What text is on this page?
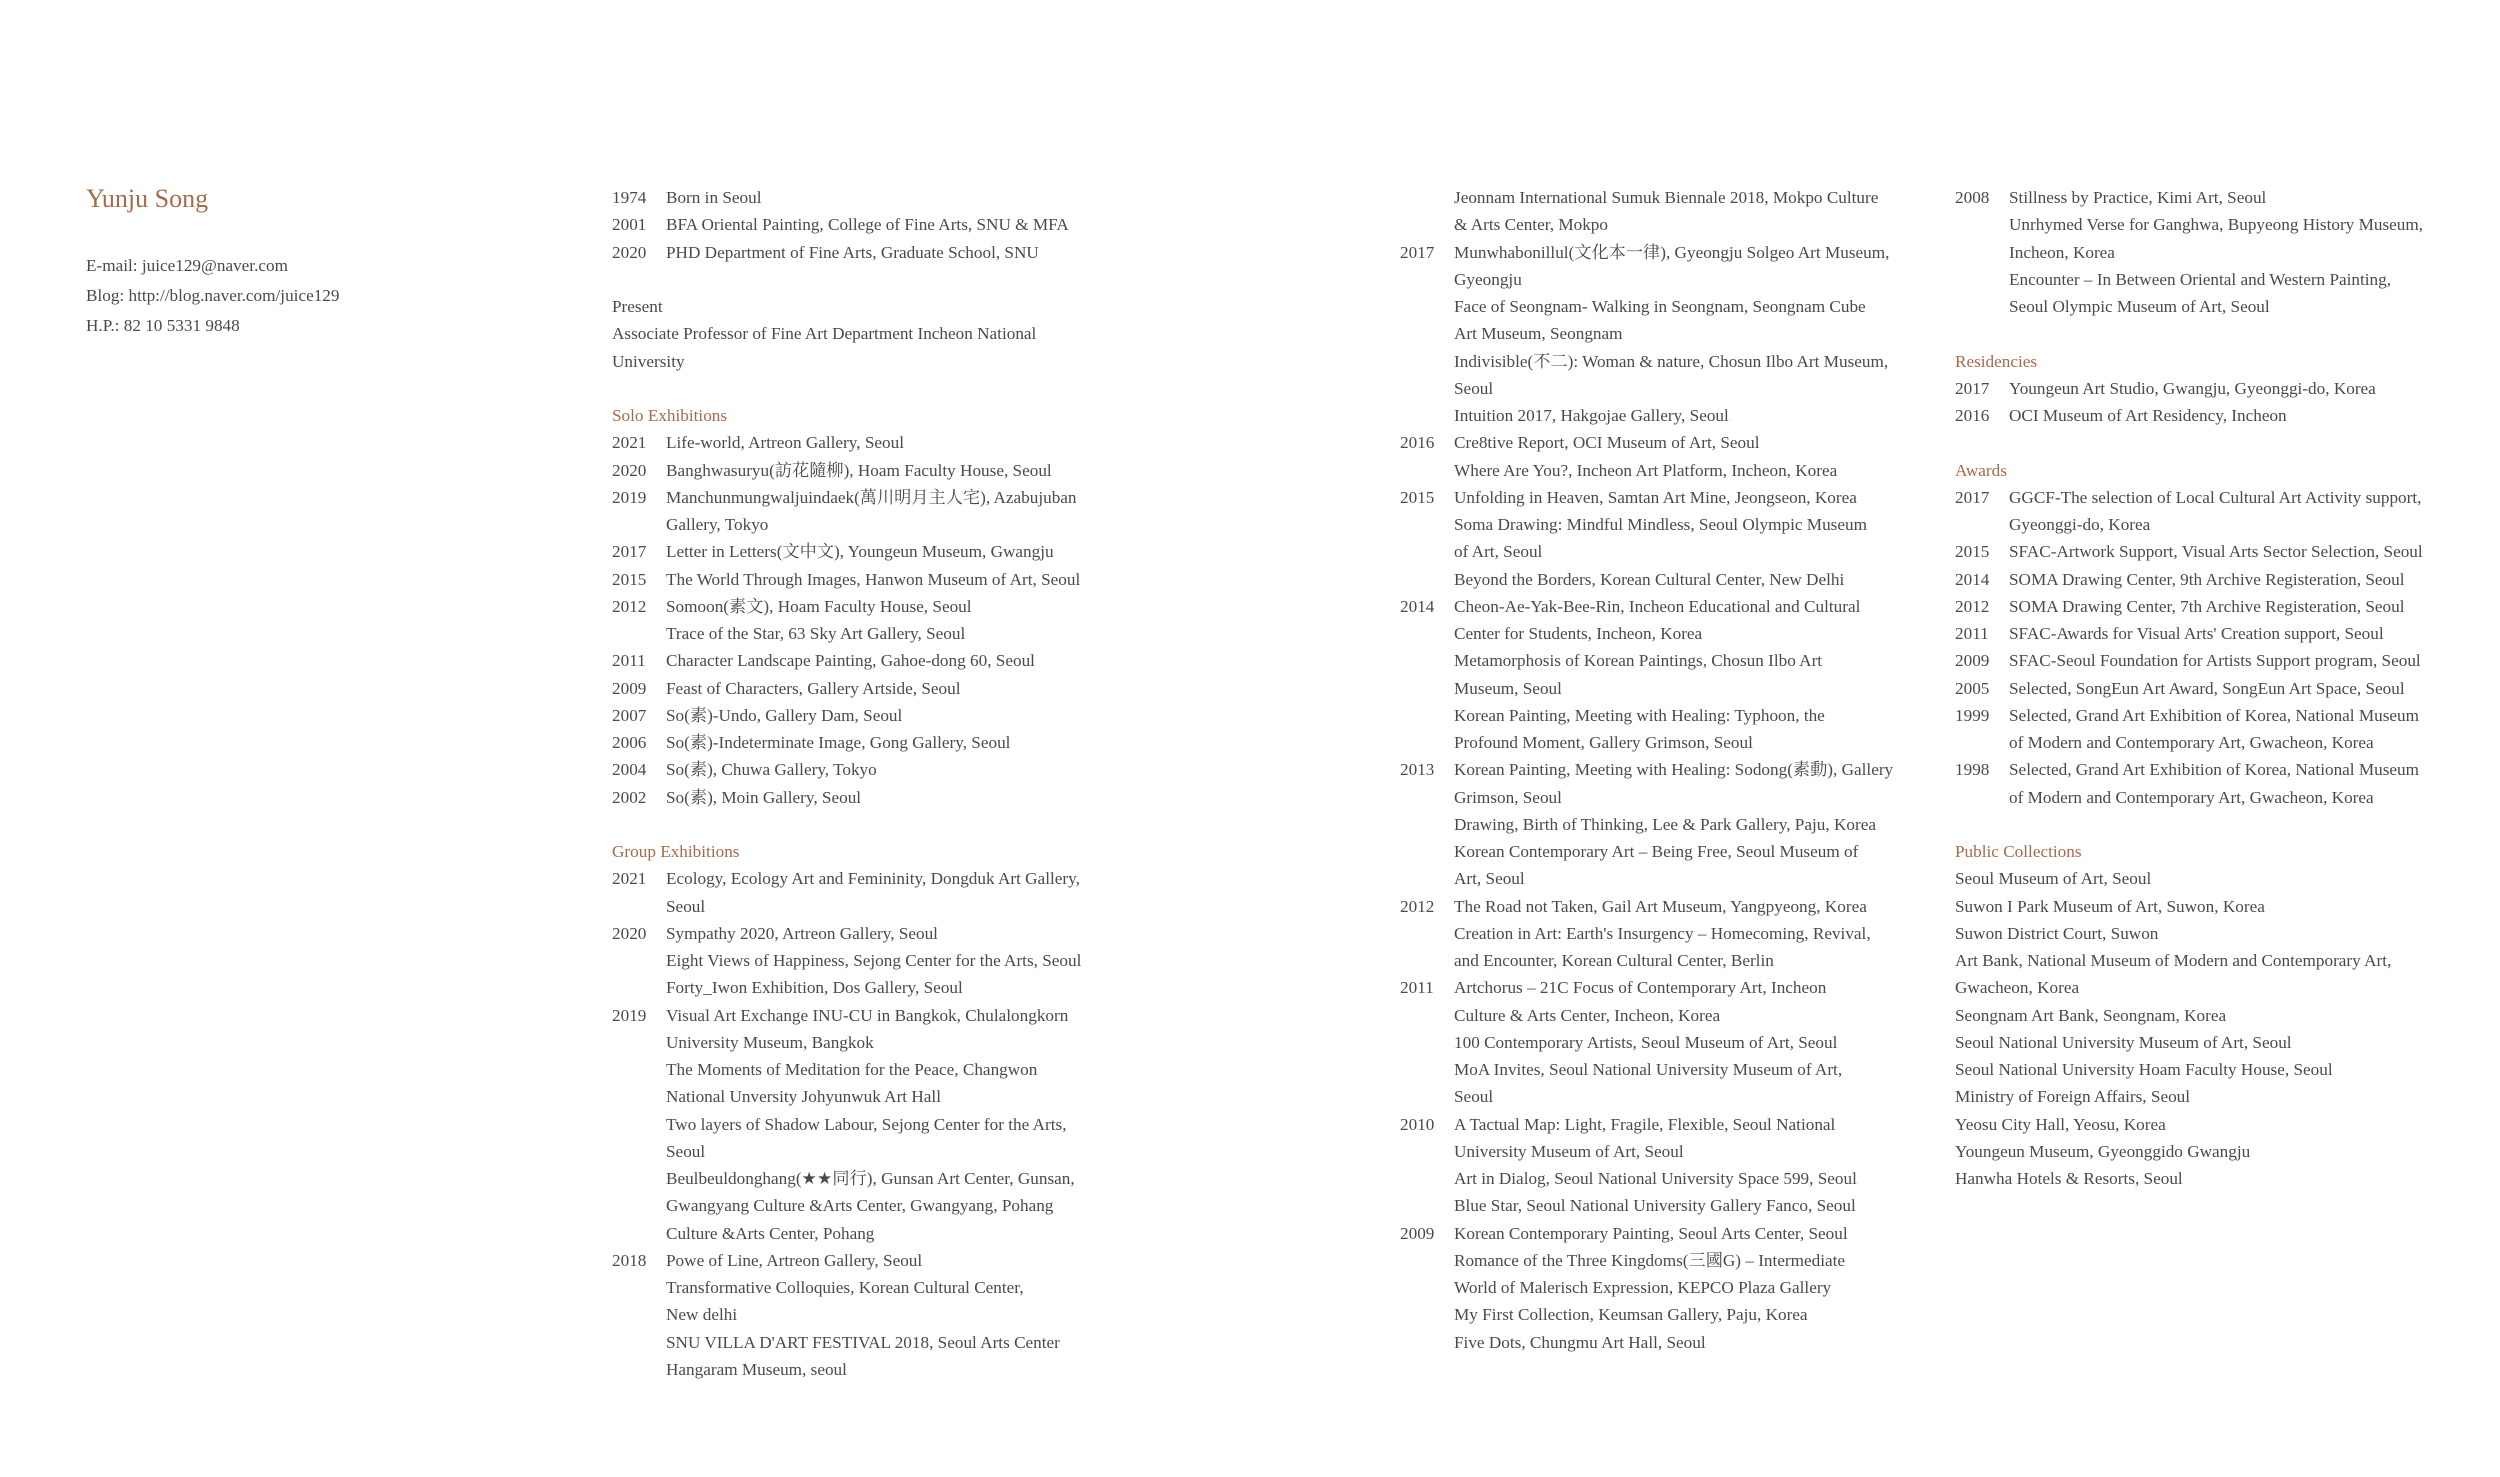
Yunju Song
E-mail: juice129@naver.com
Blog: http://blog.naver.com/juice129
H.P.: 82 10 5331 9848
1974	Born in Seoul
2001	BFA Oriental Painting, College of Fine Arts, SNU & MFA
2020	PHD Department of Fine Arts, Graduate School, SNU
Present
Associate Professor of Fine Art Department Incheon National
University
Solo Exhibitions
2021	Life-world, Artreon Gallery, Seoul
2020	Banghwasuryu(訪花隨柳), Hoam Faculty House, Seoul
2019	Manchunmungwaljuindaek(萬川明月主人宅), Azabujuban
Gallery, Tokyo
2017	Letter in Letters(文中文), Youngeun Museum, Gwangju
2015	The World Through Images, Hanwon Museum of Art, Seoul
2012	Somoon(素文), Hoam Faculty House, Seoul
Trace of the Star, 63 Sky Art Gallery, Seoul
2011	Character Landscape Painting, Gahoe-dong 60, Seoul
2009	Feast of Characters, Gallery Artside, Seoul
2007	So(素)-Undo, Gallery Dam, Seoul
2006	So(素)-Indeterminate Image, Gong Gallery, Seoul
2004	So(素), Chuwa Gallery, Tokyo
2002	So(素), Moin Gallery, Seoul
Group Exhibitions
2021	Ecology, Ecology Art and Femininity, Dongduk Art Gallery,
Seoul
2020	Sympathy 2020, Artreon Gallery, Seoul
Eight Views of Happiness, Sejong Center for the Arts, Seoul
Forty_Iwon Exhibition, Dos Gallery, Seoul
2019	Visual Art Exchange INU-CU in Bangkok, Chulalongkorn
University Museum, Bangkok
The Moments of Meditation for the Peace, Changwon
National Unversity Johyunwuk Art Hall
Two layers of Shadow Labour, Sejong Center for the Arts,
Seoul
Beulbeuldonghang(★★同行), Gunsan Art Center, Gunsan,
Gwangyang Culture &Arts Center, Gwangyang, Pohang
Culture &Arts Center, Pohang
2018	Powe of Line, Artreon Gallery, Seoul
Transformative Colloquies, Korean Cultural Center,
New delhi
SNU VILLA D'ART FESTIVAL 2018, Seoul Arts Center
Hangaram Museum, seoul
Jeonnam International Sumuk Biennale 2018, Mokpo Culture
& Arts Center, Mokpo
2017	Munwhabonillul(文化本一律), Gyeongju Solgeo Art Museum,
Gyeongju
Face of Seongnam- Walking in Seongnam, Seongnam Cube
Art Museum, Seongnam
Indivisible(不二): Woman & nature, Chosun Ilbo Art Museum,
Seoul
Intuition 2017, Hakgojae Gallery, Seoul
2016	Cre8tive Report, OCI Museum of Art, Seoul
Where Are You?, Incheon Art Platform, Incheon, Korea
2015	Unfolding in Heaven, Samtan Art Mine, Jeongseon, Korea
Soma Drawing: Mindful Mindless, Seoul Olympic Museum
of Art, Seoul
Beyond the Borders, Korean Cultural Center, New Delhi
2014	Cheon-Ae-Yak-Bee-Rin, Incheon Educational and Cultural
Center for Students, Incheon, Korea
Metamorphosis of Korean Paintings, Chosun Ilbo Art
Museum, Seoul
Korean Painting, Meeting with Healing: Typhoon, the
Profound Moment, Gallery Grimson, Seoul
2013	Korean Painting, Meeting with Healing: Sodong(素動), Gallery
Grimson, Seoul
Drawing, Birth of Thinking, Lee & Park Gallery, Paju, Korea
Korean Contemporary Art – Being Free, Seoul Museum of
Art, Seoul
2012	The Road not Taken, Gail Art Museum, Yangpyeong, Korea
Creation in Art: Earth's Insurgency – Homecoming, Revival,
and Encounter, Korean Cultural Center, Berlin
2011	Artchorus – 21C Focus of Contemporary Art, Incheon
Culture & Arts Center, Incheon, Korea
100 Contemporary Artists, Seoul Museum of Art, Seoul
MoA Invites, Seoul National University Museum of Art,
Seoul
2010	A Tactual Map: Light, Fragile, Flexible, Seoul National
University Museum of Art, Seoul
Art in Dialog, Seoul National University Space 599, Seoul
Blue Star, Seoul National University Gallery Fanco, Seoul
2009	Korean Contemporary Painting, Seoul Arts Center, Seoul
Romance of the Three Kingdoms(三國G) – Intermediate
World of Malerisch Expression, KEPCO Plaza Gallery
My First Collection, Keumsan Gallery, Paju, Korea
Five Dots, Chungmu Art Hall, Seoul
2008	Stillness by Practice, Kimi Art, Seoul
Unrhymed Verse for Ganghwa, Bupyeong History Museum,
Incheon, Korea
Encounter – In Between Oriental and Western Painting,
Seoul Olympic Museum of Art, Seoul
Residencies
2017	Youngeun Art Studio, Gwangju, Gyeonggi-do, Korea
2016	OCI Museum of Art Residency, Incheon
Awards
2017	GGCF-The selection of Local Cultural Art Activity support,
Gyeonggi-do, Korea
2015	SFAC-Artwork Support, Visual Arts Sector Selection, Seoul
2014	SOMA Drawing Center, 9th Archive Registeration, Seoul
2012	SOMA Drawing Center, 7th Archive Registeration, Seoul
2011	SFAC-Awards for Visual Arts' Creation support, Seoul
2009	SFAC-Seoul Foundation for Artists Support program, Seoul
2005	Selected, SongEun Art Award, SongEun Art Space, Seoul
1999	Selected, Grand Art Exhibition of Korea, National Museum
of Modern and Contemporary Art, Gwacheon, Korea
1998	Selected, Grand Art Exhibition of Korea, National Museum
of Modern and Contemporary Art, Gwacheon, Korea
Public Collections
Seoul Museum of Art, Seoul
Suwon I Park Museum of Art, Suwon, Korea
Suwon District Court, Suwon
Art Bank, National Museum of Modern and Contemporary Art,
Gwacheon, Korea
Seongnam Art Bank, Seongnam, Korea
Seoul National University Museum of Art, Seoul
Seoul National University Hoam Faculty House, Seoul
Ministry of Foreign Affairs, Seoul
Yeosu City Hall, Yeosu, Korea
Youngeun Museum, Gyeonggido Gwangju
Hanwha Hotels & Resorts, Seoul
